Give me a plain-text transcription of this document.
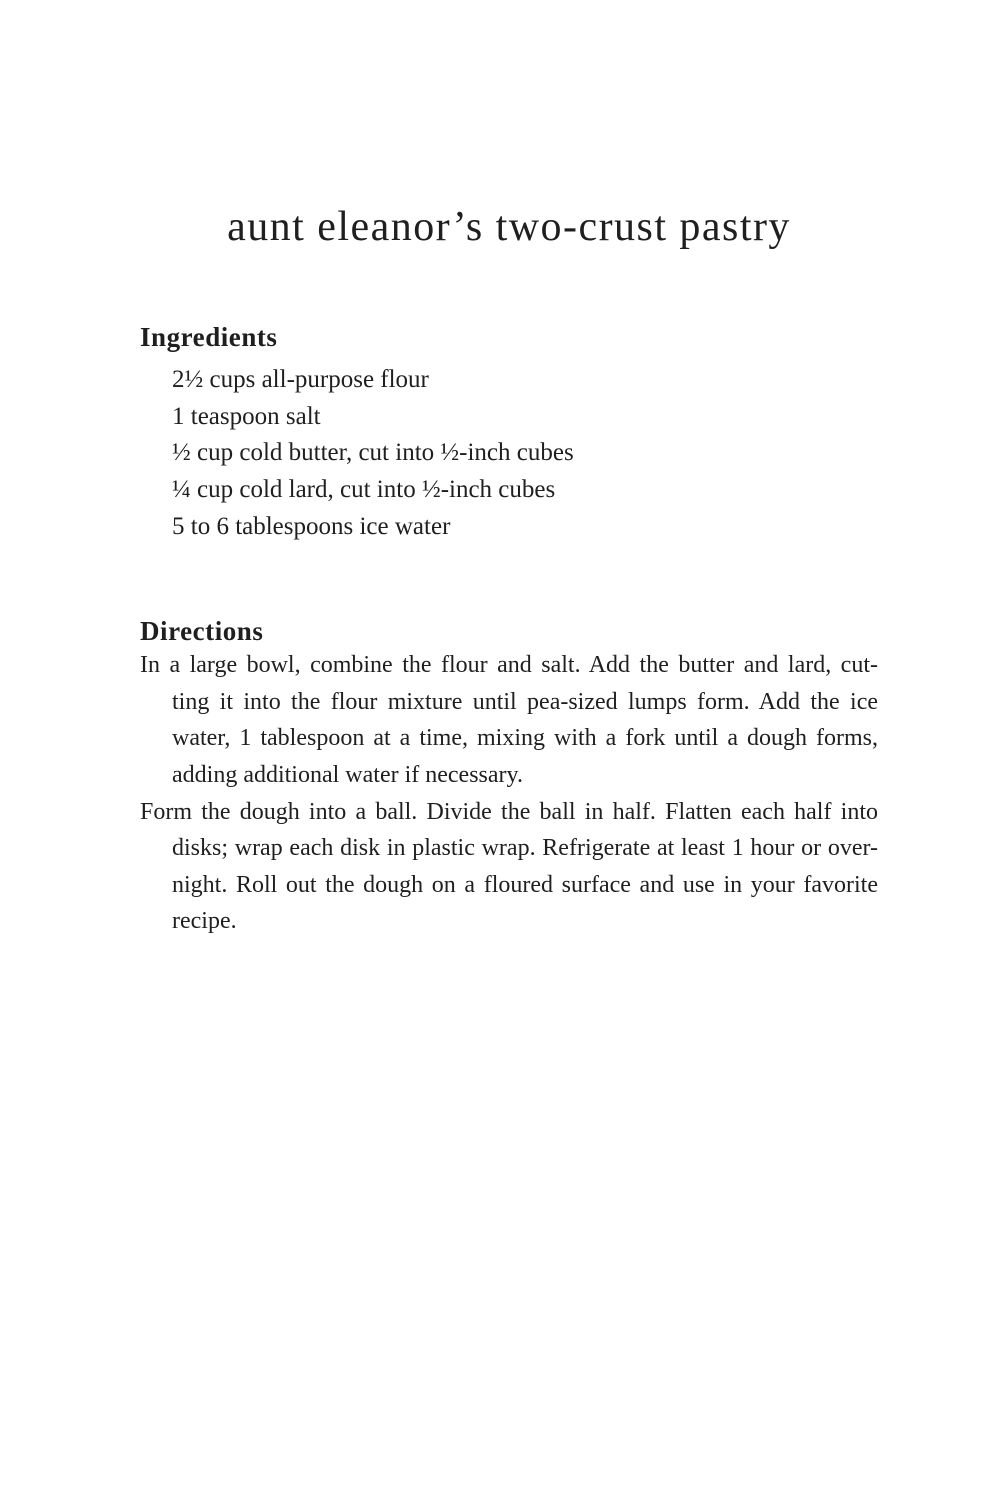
aunt eleanor’s two-crust pastry
Ingredients
2½ cups all-purpose flour
1 teaspoon salt
½ cup cold butter, cut into ½-inch cubes
¼ cup cold lard, cut into ½-inch cubes
5 to 6 tablespoons ice water
Directions
In a large bowl, combine the flour and salt. Add the butter and lard, cut-
ting it into the flour mixture until pea-sized lumps form. Add the ice
water, 1 tablespoon at a time, mixing with a fork until a dough forms,
adding additional water if necessary.
Form the dough into a ball. Divide the ball in half. Flatten each half into
disks; wrap each disk in plastic wrap. Refrigerate at least 1 hour or over-
night. Roll out the dough on a floured surface and use in your favorite
recipe.
